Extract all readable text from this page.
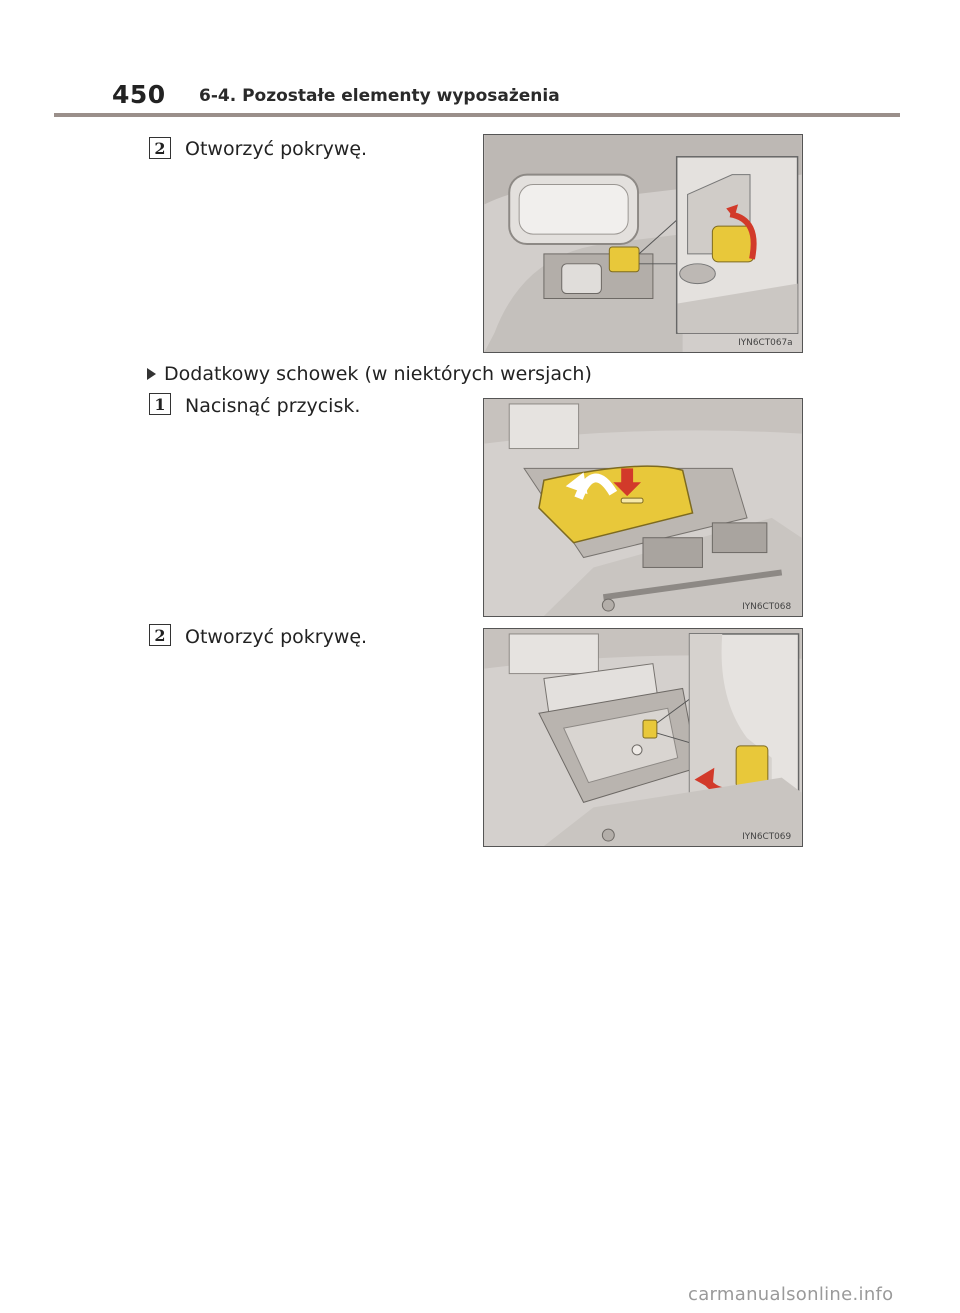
450 6-4. Pozostałe elementy wyposażenia
2 Otworzyć pokrywę.
IYN6CT067a
Dodatkowy schowek (w niektórych wersjach)
1 Nacisnąć przycisk.
IYN6CT068
2 Otworzyć pokrywę.
IYN6CT069
carmanualsonline.info
